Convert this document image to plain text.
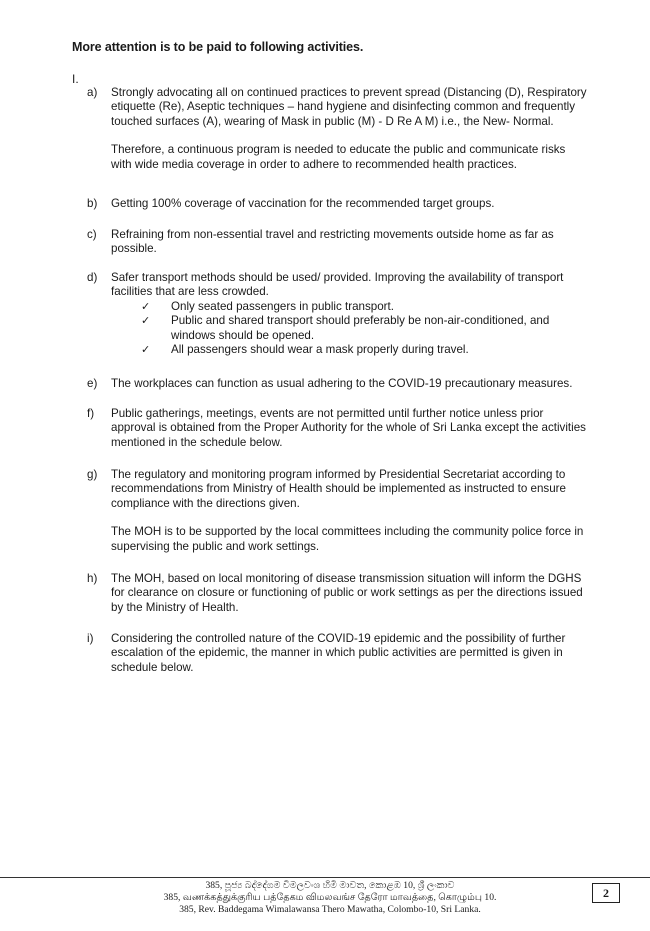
More attention is to be paid to following activities.
I.
a)	Strongly advocating all on continued practices to prevent spread (Distancing (D), Respiratory etiquette (Re), Aseptic techniques – hand hygiene and disinfecting common and frequently touched surfaces (A), wearing of Mask in public (M) - D Re A M) i.e., the New- Normal.

Therefore, a continuous program is needed to educate the public and communicate risks with wide media coverage in order to adhere to recommended health practices.

b)	Getting 100% coverage of vaccination for the recommended target groups.

c)	Refraining from non-essential travel and restricting movements outside home as far as possible.

d)	Safer transport methods should be used/ provided. Improving the availability of transport facilities that are less crowded.

✓ Only seated passengers in public transport.
✓ Public and shared transport should preferably be non-air-conditioned, and windows should be opened.
✓ All passengers should wear a mask properly during travel.
e)	The workplaces can function as usual adhering to the COVID-19 precautionary measures.

f)	Public gatherings, meetings, events are not permitted until further notice unless prior approval is obtained from the Proper Authority for the whole of Sri Lanka except the activities mentioned in the schedule below.

g)	The regulatory and monitoring program informed by Presidential Secretariat according to recommendations from Ministry of Health should be implemented as instructed to ensure compliance with the directions given.

The MOH is to be supported by the local committees including the community police force in supervising the public and work settings.

h)	The MOH, based on local monitoring of disease transmission situation will inform the DGHS for clearance on closure or functioning of public or work settings as per the directions issued by the Ministry of Health.

i)	Considering the controlled nature of the COVID-19 epidemic and the possibility of further escalation of the epidemic, the manner in which public activities are permitted is given in schedule below.

385, පූජ්‍ය බද්දේගම විමලවංශ හිමි මාවත, කොළඹ 10, ශ්‍රී ලංකාව
385, வணக்கத்துக்குரிய பத்தேகம விமலவங்ச தேரோ மாவத்தை, கொழும்பு 10.
385, Rev. Baddegama Wimalawansa Thero Mawatha, Colombo-10, Sri Lanka.
2
